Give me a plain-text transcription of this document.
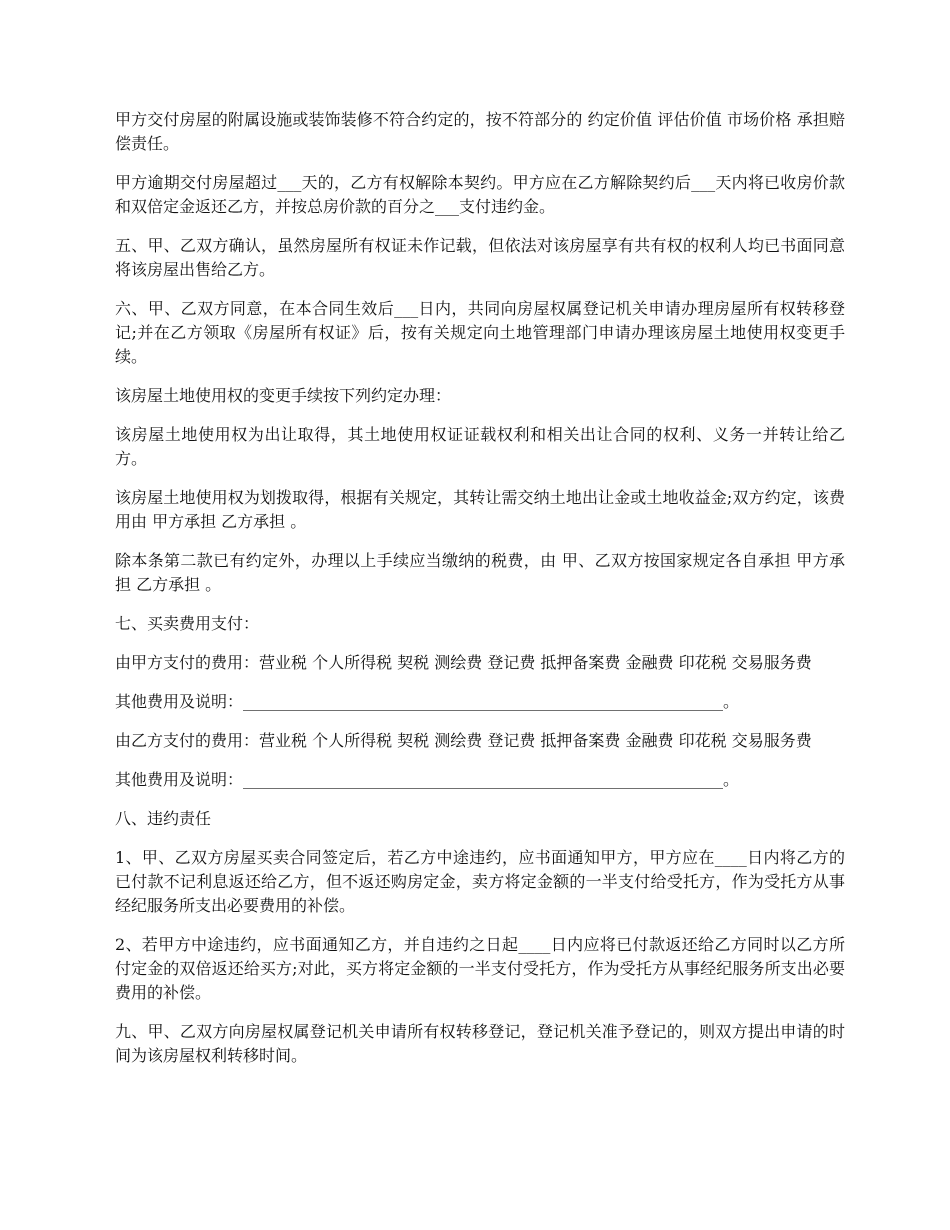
甲方交付房屋的附属设施或装饰装修不符合约定的，按不符部分的 约定价值 评估价值 市场价格 承担赔偿责任。

甲方逾期交付房屋超过___天的，乙方有权解除本契约。甲方应在乙方解除契约后___天内将已收房价款和双倍定金返还乙方，并按总房价款的百分之___支付违约金。

五、甲、乙双方确认，虽然房屋所有权证未作记载，但依法对该房屋享有共有权的权利人均已书面同意将该房屋出售给乙方。

六、甲、乙双方同意，在本合同生效后___日内，共同向房屋权属登记机关申请办理房屋所有权转移登记;并在乙方领取《房屋所有权证》后，按有关规定向土地管理部门申请办理该房屋土地使用权变更手续。

该房屋土地使用权的变更手续按下列约定办理：

该房屋土地使用权为出让取得，其土地使用权证证载权利和相关出让合同的权利、义务一并转让给乙方。

该房屋土地使用权为划拨取得，根据有关规定，其转让需交纳土地出让金或土地收益金;双方约定，该费用由 甲方承担 乙方承担 。

除本条第二款已有约定外，办理以上手续应当缴纳的税费，由 甲、乙双方按国家规定各自承担 甲方承担 乙方承担 。

七、买卖费用支付：

由甲方支付的费用：营业税 个人所得税 契税 测绘费 登记费 抵押备案费 金融费 印花税 交易服务费

其他费用及说明：____________________________________________________________。

由乙方支付的费用：营业税 个人所得税 契税 测绘费 登记费 抵押备案费 金融费 印花税 交易服务费

其他费用及说明：____________________________________________________________。

八、违约责任

1、甲、乙双方房屋买卖合同签定后，若乙方中途违约，应书面通知甲方，甲方应在____日内将乙方的已付款不记利息返还给乙方，但不返还购房定金，卖方将定金额的一半支付给受托方，作为受托方从事经纪服务所支出必要费用的补偿。

2、若甲方中途违约，应书面通知乙方，并自违约之日起____日内应将已付款返还给乙方同时以乙方所付定金的双倍返还给买方;对此，买方将定金额的一半支付受托方，作为受托方从事经纪服务所支出必要费用的补偿。

九、甲、乙双方向房屋权属登记机关申请所有权转移登记，登记机关准予登记的，则双方提出申请的时间为该房屋权利转移时间。
